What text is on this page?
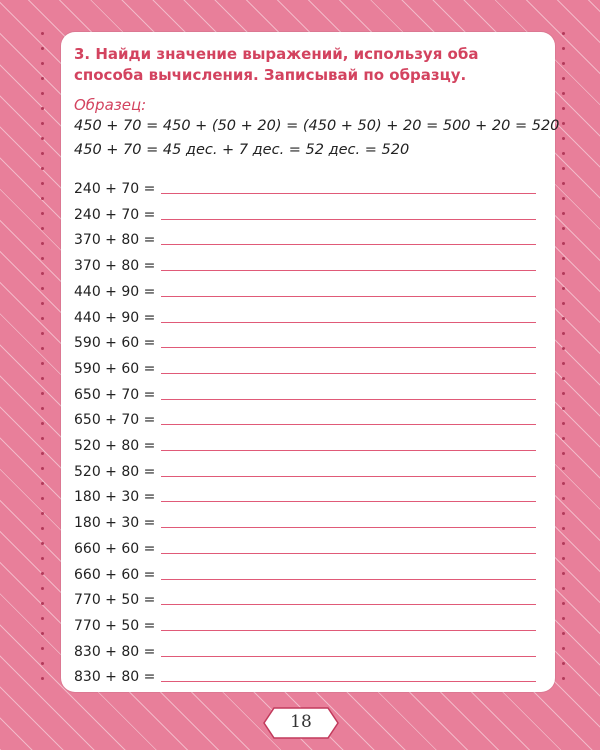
3. Найди значение выражений, используя оба способа вычисления. Записывай по образцу.
Образец:
450 + 70 = 450 + (50 + 20) = (450 + 50) + 20 = 500 + 20 = 520
450 + 70 = 45 дес. + 7 дес. = 52 дес. = 520
240 + 70 =
240 + 70 =
370 + 80 =
370 + 80 =
440 + 90 =
440 + 90 =
590 + 60 =
590 + 60 =
650 + 70 =
650 + 70 =
520 + 80 =
520 + 80 =
180 + 30 =
180 + 30 =
660 + 60 =
660 + 60 =
770 + 50 =
770 + 50 =
830 + 80 =
830 + 80 =
18
